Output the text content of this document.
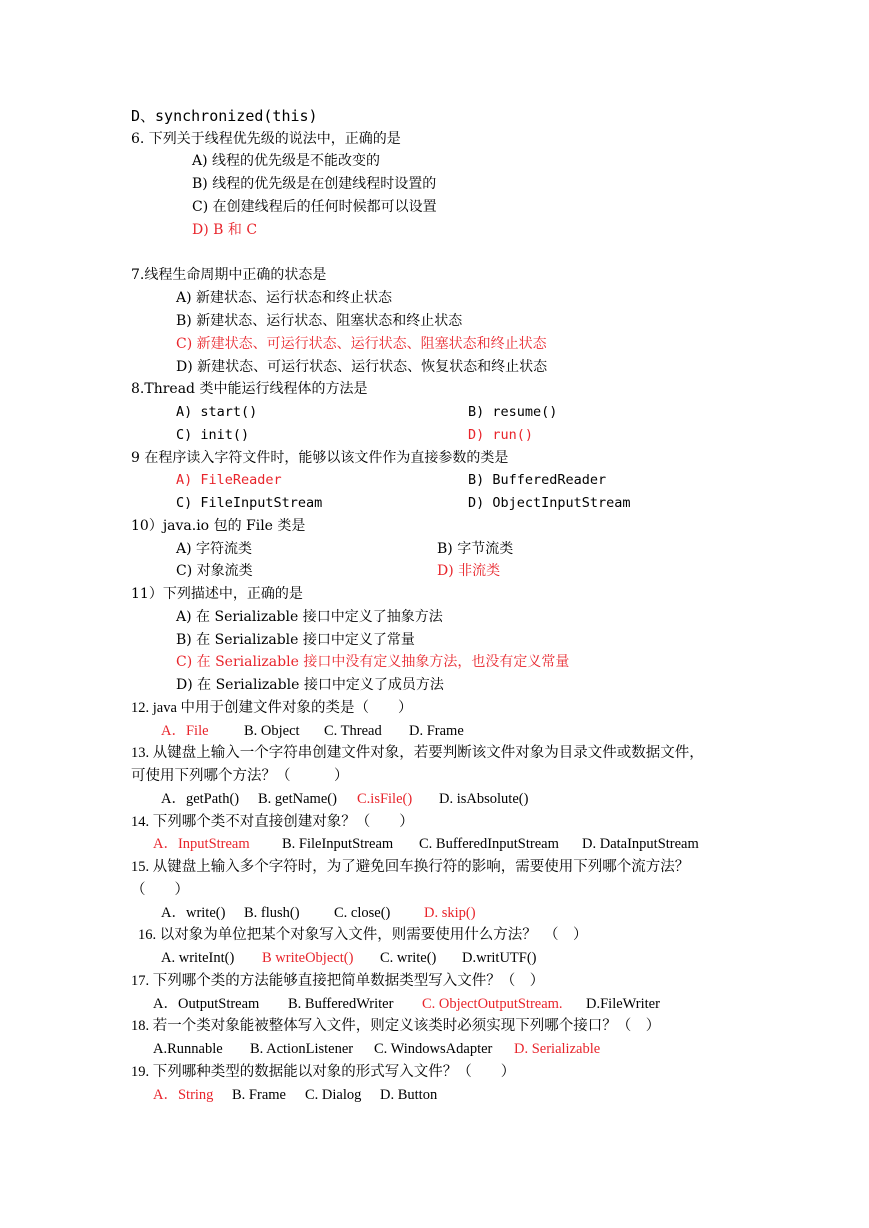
D、synchronized(this)
6. 下列关于线程优先级的说法中，正确的是
A) 线程的优先级是不能改变的
B) 线程的优先级是在创建线程时设置的
C) 在创建线程后的任何时候都可以设置
D) B 和 C
7.线程生命周期中正确的状态是
A) 新建状态、运行状态和终止状态
B) 新建状态、运行状态、阻塞状态和终止状态
C) 新建状态、可运行状态、运行状态、阻塞状态和终止状态
D) 新建状态、可运行状态、运行状态、恢复状态和终止状态
8.Thread 类中能运行线程体的方法是
A) start()	B) resume()
C) init()	D) run()
9 在程序读入字符文件时，能够以该文件作为直接参数的类是
A) FileReader	B) BufferedReader
C) FileInputStream	D) ObjectInputStream
10）java.io 包的 File 类是
A) 字符流类	B) 字节流类
C) 对象流类	D) 非流类
11）下列描述中，正确的是
A) 在 Serializable 接口中定义了抽象方法
B) 在 Serializable 接口中定义了常量
C) 在 Serializable 接口中没有定义抽象方法，也没有定义常量
D) 在 Serializable 接口中定义了成员方法
12. java 中用于创建文件对象的类是（　　）
A．File B. Object C. Thread D. Frame
13. 从键盘上输入一个字符串创建文件对象，若要判断该文件对象为目录文件或数据文件，
可使用下列哪个方法？（　　　）
A．getPath() B. getName() C.isFile() D. isAbsolute()
14. 下列哪个类不对直接创建对象？（　　）
A．InputStream B. FileInputStream C. BufferedInputStream D. DataInputStream
15. 从键盘上输入多个字符时，为了避免回车换行符的影响，需要使用下列哪个流方法？
（　　）
A．write() B. flush() C. close() D. skip()
16. 以对象为单位把某个对象写入文件，则需要使用什么方法？　（　）
A. writeInt() B writeObject() C. write() D.writUTF()
17. 下列哪个类的方法能够直接把简单数据类型写入文件？（　）
A．OutputStream B. BufferedWriter C. ObjectOutputStream. D.FileWriter
18. 若一个类对象能被整体写入文件，则定义该类时必须实现下列哪个接口？（　）
A.Runnable B. ActionListener C. WindowsAdapter D. Serializable
19. 下列哪种类型的数据能以对象的形式写入文件？（　　）
A．String B. Frame C. Dialog D. Button
